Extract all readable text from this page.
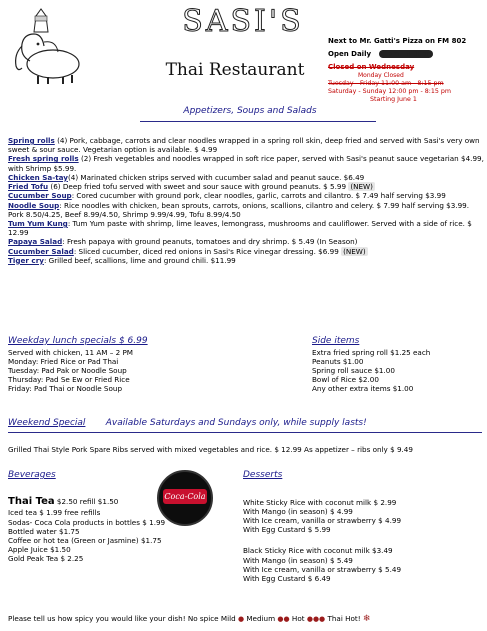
SASI'S
Thai Restaurant
Next to Mr. Gatti's Pizza on FM 802
Open Daily 11am - 8:30pm
Closed on Wednesday
Monday Closed
Tuesday - Friday 11:00 am - 8:15 pm
Saturday - Sunday 12:00 pm - 8:15 pm
Starting June 1
Appetizers, Soups and Salads

Spring rolls (4) Pork, cabbage, carrots and clear noodles wrapped in a spring roll skin, deep fried and served with Sasi's very own sweet & sour sauce. Vegetarian option is available. $ 4.99

Fresh spring rolls (2) Fresh vegetables and noodles wrapped in soft rice paper, served with Sasi's peanut sauce vegetarian $4.99, with Shrimp $5.99.

Chicken Sa-tay(4) Marinated chicken strips served with cucumber salad and peanut sauce. $6.49

Fried Tofu (6) Deep fried tofu served with sweet and sour sauce with ground peanuts. $ 5.99 (NEW)

Cucumber Soup: Cored cucumber with ground pork, clear noodles, garlic, carrots and cilantro. $ 7.49 half serving $3.99

Noodle Soup: Rice noodles with chicken, bean sprouts, carrots, onions, scallions, cilantro and celery. $ 7.99 half serving $3.99. Pork 8.50/4.25, Beef 8.99/4.50, Shrimp 9.99/4.99, Tofu 8.99/4.50

Tum Yum Kung: Tum Yum paste with shrimp, lime leaves, lemongrass, mushrooms and cauliflower. Served with a side of rice. $ 12.99

Papaya Salad: Fresh papaya with ground peanuts, tomatoes and dry shrimp. $ 5.49 (In Season)

Cucumber Salad: Sliced cucumber, diced red onions in Sasi's Rice vinegar dressing. $6.99 (NEW)

Tiger cry: Grilled beef, scallions, lime and ground chili. $11.99

Weekday lunch specials $ 6.99
Served with chicken, 11 AM – 2 PM
Monday: Fried Rice or Pad Thai
Tuesday: Pad Pak or Noodle Soup
Thursday: Pad Se Ew or Fried Rice
Friday: Pad Thai or Noodle Soup
Side items
Extra fried spring roll $1.25 each
Peanuts $1.00
Spring roll sauce $1.00
Bowl of Rice $2.00
Any other extra items $1.00
Weekend Special Available Saturdays and Sundays only, while supply lasts!
Grilled Thai Style Pork Spare Ribs served with mixed vegetables and rice. $ 12.99 As appetizer – ribs only $ 9.49
Beverages
Thai Tea $2.50 refill $1.50
Iced tea $ 1.99 free refills
Sodas- Coca Cola products in bottles $ 1.99
Bottled water $1.75
Coffee or hot tea (Green or Jasmine) $1.75
Apple Juice $1.50
Gold Peak Tea $ 2.25
Coca-Cola
Desserts
White Sticky Rice with coconut milk $ 2.99
With Mango (in season) $ 4.99
With Ice cream, vanilla or strawberry $ 4.99
With Egg Custard $ 5.99
Black Sticky Rice with coconut milk $3.49
With Mango (in season) $ 5.49
With Ice cream, vanilla or strawberry $ 5.49
With Egg Custard $ 6.49
Please tell us how spicy you would like your dish! No spice Mild ● Medium ●● Hot ●●● Thai Hot! ❄
